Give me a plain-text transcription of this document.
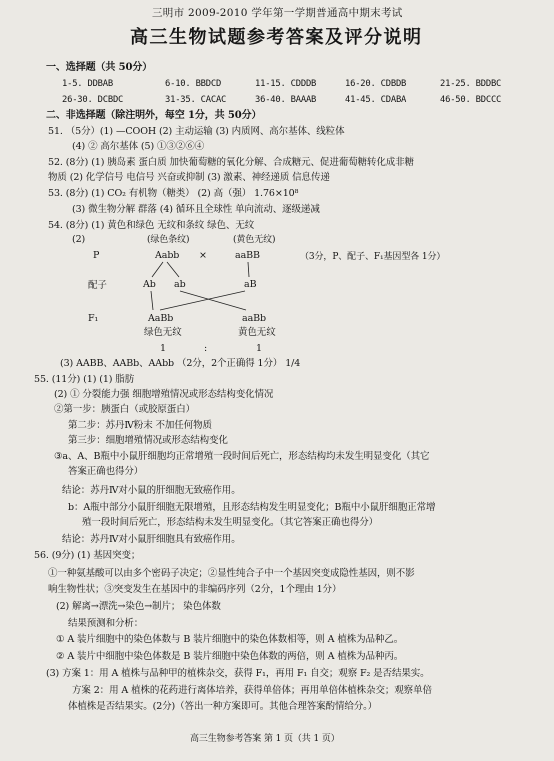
三明市 2009-2010 学年第一学期普通高中期末考试
高三生物试题参考答案及评分说明
一、选择题（共 50分）
1-5. DDBAB	6-10. BBDCD	11-15. CDDDB	16-20. CDBDB	21-25. BDDBC
26-30. DCBDC	31-35. CACAC	36-40. BAAAB	41-45. CDABA	46-50. BDCCC
二、非选择题（除注明外，每空 1分，共 50分）
51. （5分）(1) —COOH (2) 主动运输 (3) 内质网、高尔基体、线粒体
(4) ② 高尔基体 (5) ①③②⑥④
52. (8分) (1) 胰岛素 蛋白质 加快葡萄糖的氧化分解、合成糖元、促进葡萄糖转化成非糖
物质 (2) 化学信号 电信号 兴奋或抑制 (3) 激素、神经递质 信息传递
53. (8分) (1) CO₂ 有机物（糖类） (2) 高（强） 1.76×10⁸
(3) 微生物分解 群落 (4) 循环且全球性 单向流动、逐级递减
54. (8分) (1) 黄色和绿色 无纹和条纹 绿色、无纹
(2)	(绿色条纹)	(黄色无纹)
P	Aabb ×	aaBB	（3分，P、配子、F₁基因型各 1分）
配子	Ab ab	aB
F₁	AaBb	aaBb
绿色无纹	黄色无纹
1	:	1
(3) AABB、AABb、AAbb （2分，2个正确得 1分） 1/4
55. (11分) (1) (1) 脂肪
(2) ① 分裂能力强 细胞增殖情况或形态结构变化情况
②第一步：胰蛋白（或胶原蛋白）
第二步：苏丹Ⅳ粉末 不加任何物质
第三步：细胞增殖情况或形态结构变化
③a、A、B瓶中小鼠肝细胞均正常增殖一段时间后死亡，形态结构均未发生明显变化（其它
答案正确也得分）
结论：苏丹Ⅳ对小鼠的肝细胞无致癌作用。
b：A瓶中部分小鼠肝细胞无限增殖，且形态结构发生明显变化；B瓶中小鼠肝细胞正常增
殖一段时间后死亡，形态结构未发生明显变化。（其它答案正确也得分）
结论：苏丹Ⅳ对小鼠肝细胞具有致癌作用。
56. (9分) (1) 基因突变；
①一种氨基酸可以由多个密码子决定；②显性纯合子中一个基因突变成隐性基因，则不影
响生物性状；③突变发生在基因中的非编码序列（2分，1个理由 1分）
(2) 解离→漂洗→染色→制片； 染色体数
结果预测和分析：
① A 装片细胞中的染色体数与 B 装片细胞中的染色体数相等，则 A 植株为品种乙。
② A 装片中细胞中染色体数是 B 装片细胞中染色体数的两倍，则 A 植株为品种丙。
(3) 方案 1：用 A 植株与品种甲的植株杂交，获得 F₁，再用 F₁ 自交；观察 F₂ 是否结果实。
方案 2：用 A 植株的花药进行离体培养，获得单倍体；再用单倍体植株杂交；观察单倍
体植株是否结果实。(2分)（答出一种方案即可。其他合理答案酌情给分。）
高三生物参考答案 第 1 页（共 1 页）
